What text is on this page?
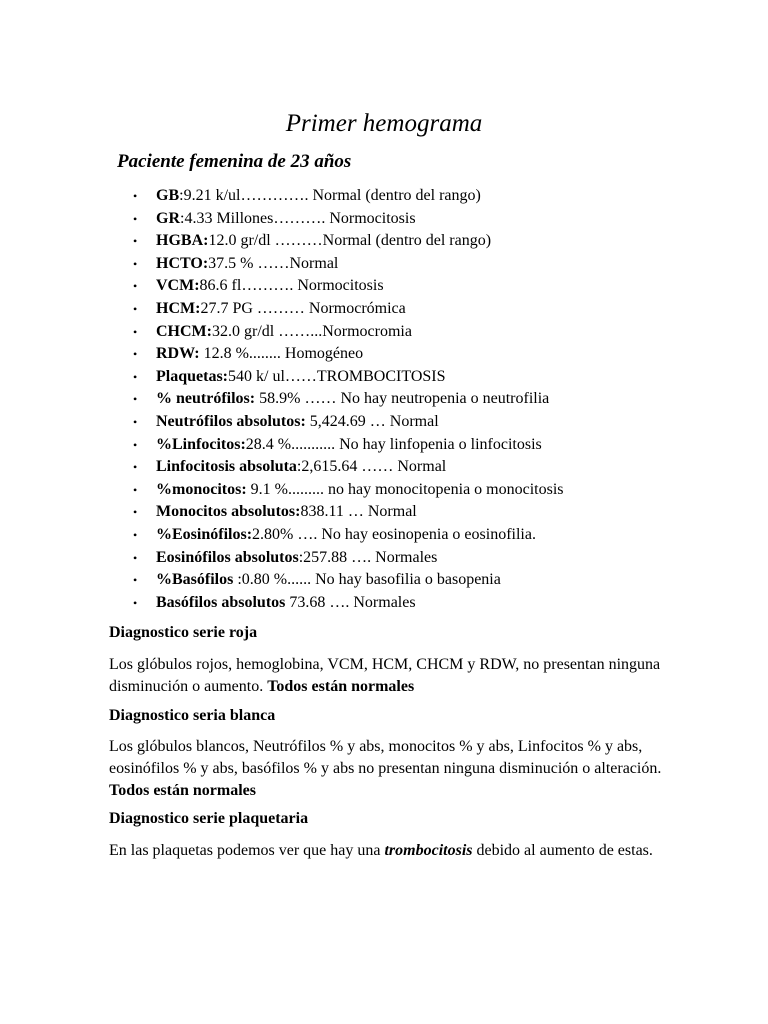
Primer hemograma
Paciente femenina de 23 años
• GB:9.21 k/ul…………. Normal (dentro del rango)
• GR:4.33 Millones………. Normocitosis
• HGBA:12.0 gr/dl ………Normal (dentro del rango)
• HCTO:37.5 % ……Normal
• VCM:86.6 fl………. Normocitosis
• HCM:27.7 PG ……… Normocrómica
• CHCM:32.0 gr/dl ……...Normocromia
• RDW: 12.8 %........ Homogéneo
• Plaquetas:540 k/ ul……TROMBOCITOSIS
• % neutrófilos: 58.9% …… No hay neutropenia o neutrofilia
• Neutrófilos absolutos: 5,424.69 … Normal
• %Linfocitos:28.4 %........... No hay linfopenia o linfocitosis
• Linfocitosis absoluta:2,615.64 …… Normal
• %monocitos: 9.1 %......... no hay monocitopenia o monocitosis
• Monocitos absolutos:838.11 … Normal
• %Eosinófilos:2.80% …. No hay eosinopenia o eosinofilia.
• Eosinófilos absolutos:257.88 …. Normales
• %Basófilos :0.80 %...... No hay basofilia o basopenia
• Basófilos absolutos 73.68 …. Normales

Diagnostico serie roja

Los glóbulos rojos, hemoglobina, VCM, HCM, CHCM y RDW, no presentan ninguna disminución o aumento. Todos están normales

Diagnostico seria blanca

Los glóbulos blancos, Neutrófilos % y abs, monocitos % y abs, Linfocitos % y abs, eosinófilos % y abs, basófilos % y abs no presentan ninguna disminución o alteración. Todos están normales

Diagnostico serie plaquetaria

En las plaquetas podemos ver que hay una trombocitosis debido al aumento de estas.
